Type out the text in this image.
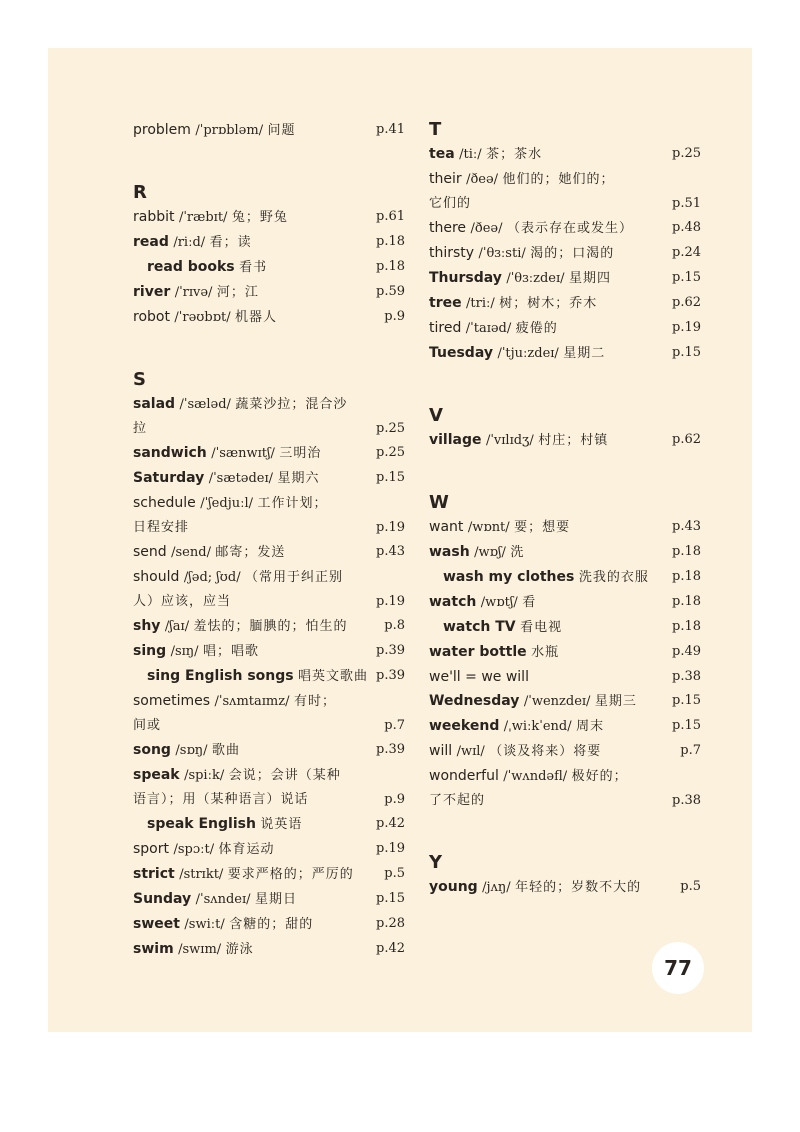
problem /ˈprɒbləm/ 问题	p.41
R
rabbit /ˈræbɪt/ 兔；野兔	p.61
read /riːd/ 看；读	p.18
read books 看书	p.18
river /ˈrɪvə/ 河；江	p.59
robot /ˈrəʊbɒt/ 机器人	p.9
S
salad /ˈsæləd/ 蔬菜沙拉；混合沙
拉	p.25
sandwich /ˈsænwɪtʃ/ 三明治	p.25
Saturday /ˈsætədeɪ/ 星期六	p.15
schedule /ˈʃedjuːl/ 工作计划；
日程安排	p.19
send /send/ 邮寄；发送	p.43
should /ʃəd; ʃʊd/ （常用于纠正别
人）应该，应当	p.19
shy /ʃaɪ/ 羞怯的；腼腆的；怕生的	p.8
sing /sɪŋ/ 唱；唱歌	p.39
sing English songs 唱英文歌曲 p.39
sometimes /ˈsʌmtaɪmz/ 有时；
间或	p.7
song /sɒŋ/ 歌曲	p.39
speak /spiːk/ 会说；会讲（某种
语言）；用（某种语言）说话	p.9
speak English 说英语	p.42
sport /spɔːt/ 体育运动	p.19
strict /strɪkt/ 要求严格的；严厉的 p.5
Sunday /ˈsʌndeɪ/ 星期日	p.15
sweet /swiːt/ 含糖的；甜的	p.28
swim /swɪm/ 游泳	p.42
T
tea /tiː/ 茶；茶水	p.25
their /ðeə/ 他们的；她们的；
它们的	p.51
there /ðeə/ （表示存在或发生）	p.48
thirsty /ˈθɜːsti/ 渴的；口渴的	p.24
Thursday /ˈθɜːzdeɪ/ 星期四	p.15
tree /triː/ 树；树木；乔木	p.62
tired /ˈtaɪəd/ 疲倦的	p.19
Tuesday /ˈtjuːzdeɪ/ 星期二	p.15
V
village /ˈvɪlɪdʒ/ 村庄；村镇	p.62
W
want /wɒnt/ 要；想要	p.43
wash /wɒʃ/ 洗	p.18
wash my clothes 洗我的衣服 p.18
watch /wɒtʃ/ 看	p.18
watch TV 看电视	p.18
water bottle 水瓶	p.49
we'll = we will	p.38
Wednesday /ˈwenzdeɪ/ 星期三	p.15
weekend /ˌwiːkˈend/ 周末	p.15
will /wɪl/ （谈及将来）将要	p.7
wonderful /ˈwʌndəfl/ 极好的；
了不起的	p.38
Y
young /jʌŋ/ 年轻的；岁数不大的	p.5
77
